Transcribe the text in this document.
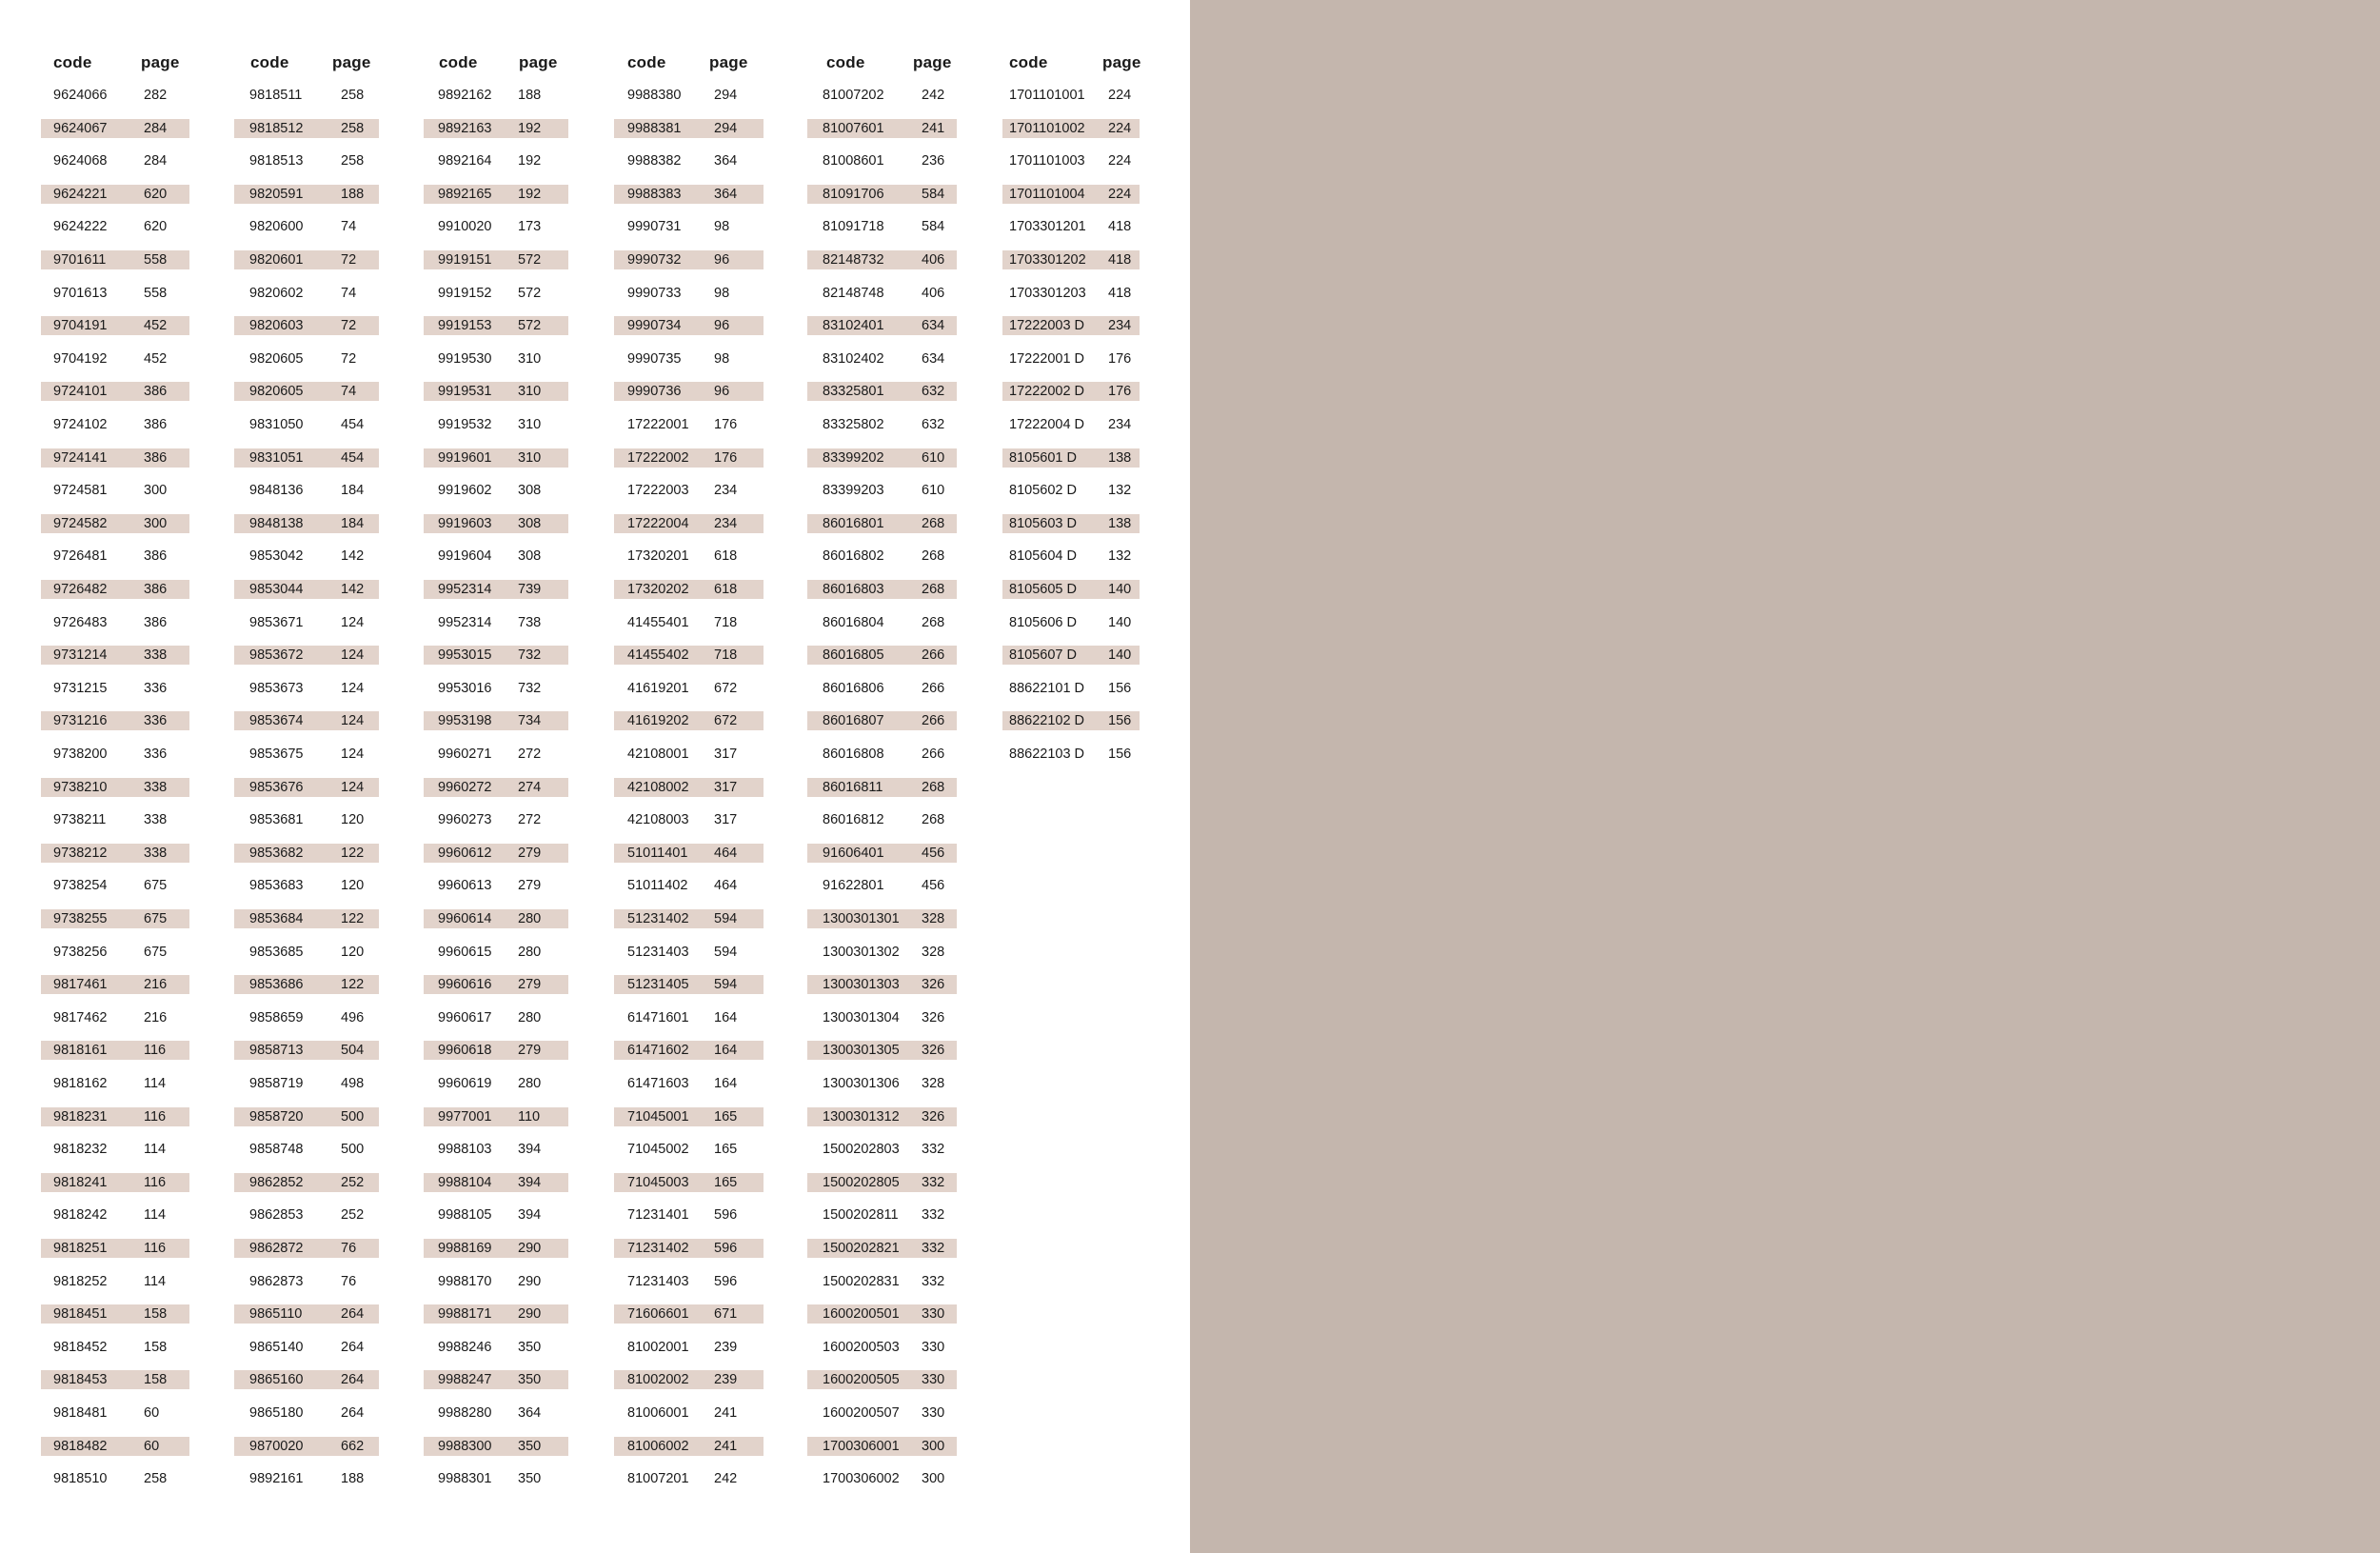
code	page
9624066	282
9624067	284
9624068	284
9624221	620
9624222	620
9701611	558
9701613	558
9704191	452
9704192	452
9724101	386
9724102	386
9724141	386
9724581	300
9724582	300
9726481	386
9726482	386
9726483	386
9731214	338
9731215	336
9731216	336
9738200	336
9738210	338
9738211	338
9738212	338
9738254	675
9738255	675
9738256	675
9817461	216
9817462	216
9818161	116
9818162	114
9818231	116
9818232	114
9818241	116
9818242	114
9818251	116
9818252	114
9818451	158
9818452	158
9818453	158
9818481	60
9818482	60
9818510	258
code	page
9818511	258
9818512	258
9818513	258
9820591	188
9820600	74
9820601	72
9820602	74
9820603	72
9820605	72
9820605	74
9831050	454
9831051	454
9848136	184
9848138	184
9853042	142
9853044	142
9853671	124
9853672	124
9853673	124
9853674	124
9853675	124
9853676	124
9853681	120
9853682	122
9853683	120
9853684	122
9853685	120
9853686	122
9858659	496
9858713	504
9858719	498
9858720	500
9858748	500
9862852	252
9862853	252
9862872	76
9862873	76
9865110	264
9865140	264
9865160	264
9865180	264
9870020	662
9892161	188
code	page
9892162 188
9892163 192
9892164 192
9892165 192
9910020 173
9919151 572
9919152 572
9919153 572
9919530 310
9919531 310
9919532 310
9919601 310
9919602 308
9919603 308
9919604 308
9952314 739
9952314 738
9953015 732
9953016 732
9953198 734
9960271 272
9960272 274
9960273 272
9960612 279
9960613 279
9960614 280
9960615 280
9960616 279
9960617 280
9960618 279
9960619 280
9977001 110
9988103 394
9988104 394
9988105 394
9988169 290
9988170 290
9988171 290
9988246 350
9988247 350
9988280 364
9988300 350
9988301 350
code	page
9988380 294
9988381 294
9988382 364
9988383 364
9990731 98
9990732 96
9990733 98
9990734 96
9990735 98
9990736 96
17222001 176
17222002 176
17222003 234
17222004 234
17320201 618
17320202 618
41455401 718
41455402 718
41619201 672
41619202 672
42108001 317
42108002 317
42108003 317
51011401 464
51011402 464
51231402 594
51231403 594
51231405 594
61471601 164
61471602 164
61471603 164
71045001 165
71045002 165
71045003 165
71231401 596
71231402 596
71231403 596
71606601 671
81002001 239
81002002 239
81006001 241
81006002 241
81007201 242
code	page
81007202	242
81007601	241
81008601	236
81091706	584
81091718	584
82148732	406
82148748	406
83102401	634
83102402	634
83325801	632
83325802	632
83399202	610
83399203	610
86016801	268
86016802	268
86016803	268
86016804	268
86016805	266
86016806	266
86016807	266
86016808	266
86016811	268
86016812	268
91606401	456
91622801	456
1300301301 328
1300301302 328
1300301303 326
1300301304 326
1300301305 326
1300301306 328
1300301312 326
1500202803 332
1500202805 332
1500202811 332
1500202821 332
1500202831 332
1600200501 330
1600200503 330
1600200505 330
1600200507 330
1700306001 300
1700306002 300
code	page
1701101001 224
1701101002 224
1701101003 224
1701101004 224
1703301201 418
1703301202 418
1703301203 418
17222003 D 234
17222001 D 176
17222002 D 176
17222004 D 234
8105601 D 138
8105602 D 132
8105603 D 138
8105604 D 132
8105605 D 140
8105606 D 140
8105607 D 140
88622101 D 156
88622102 D 156
88622103 D 156
